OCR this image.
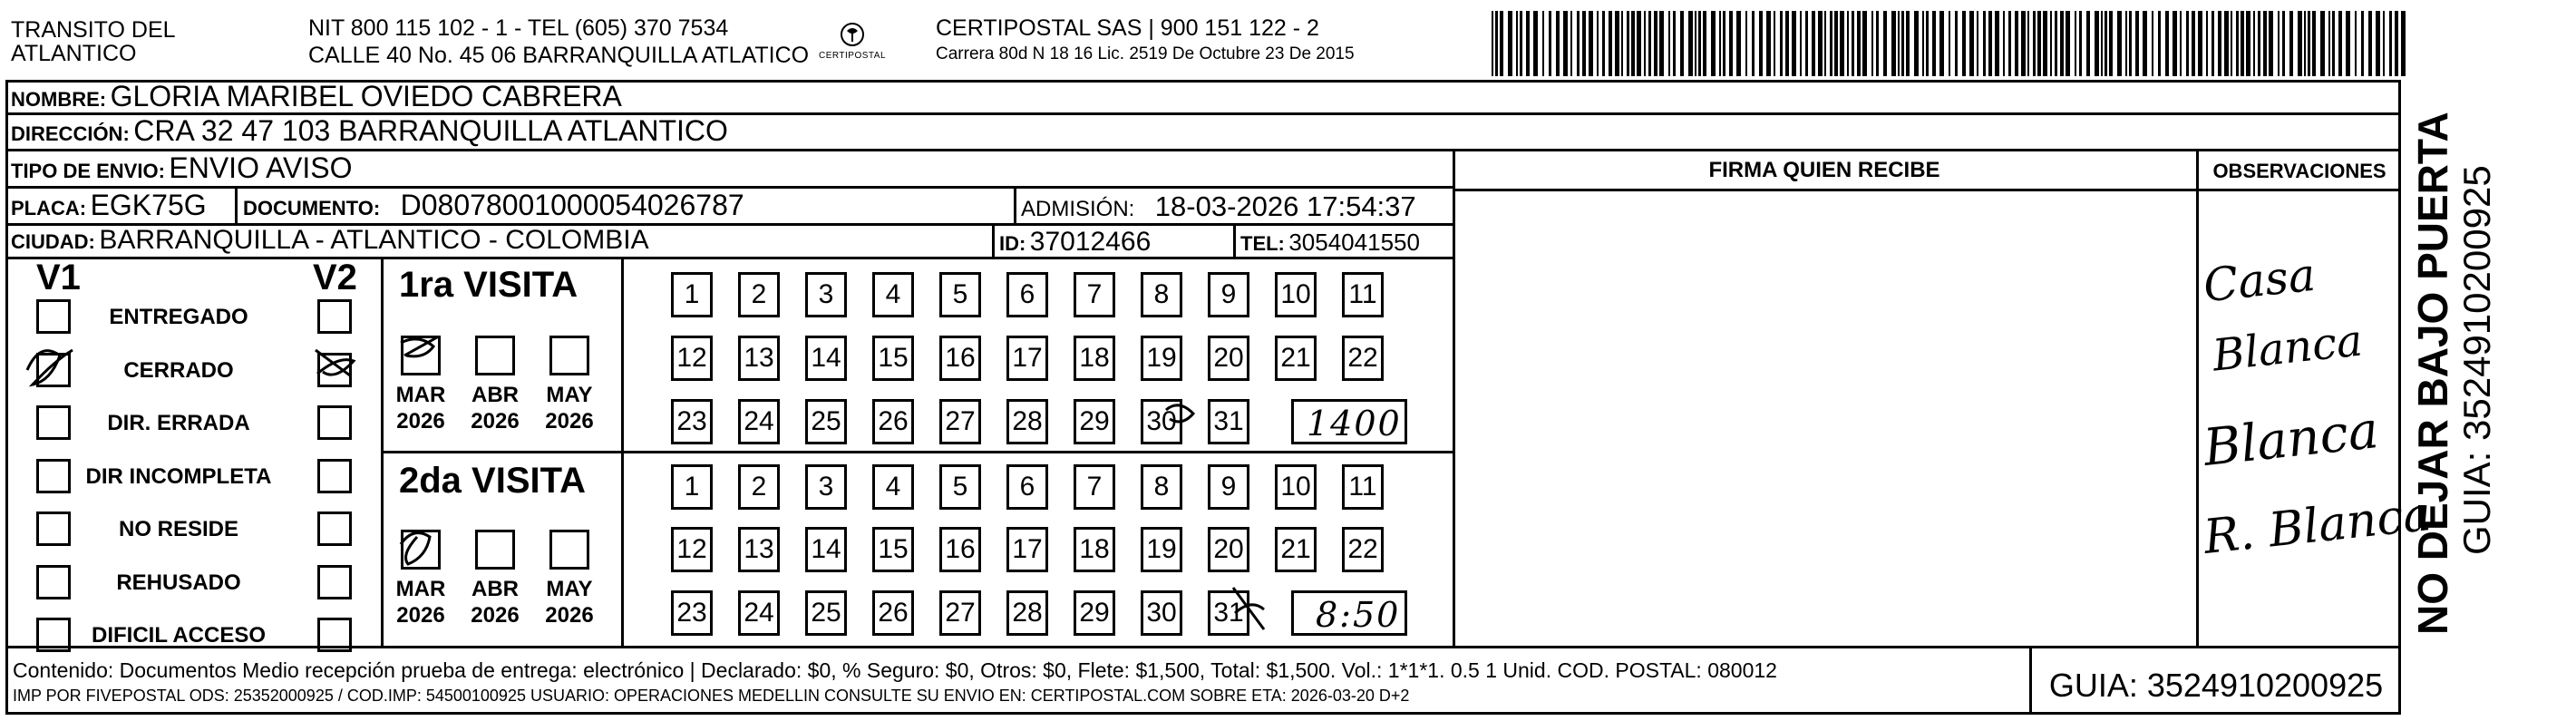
TRANSITO DEL
ATLANTICO
NIT 800 115 102 - 1 - TEL (605) 370 7534
CALLE 40 No. 45 06 BARRANQUILLA ATLATICO	CERTIPOSTAL
CERTIPOSTAL SAS | 900 151 122 - 2
Carrera 80d N 18 16 Lic. 2519 De Octubre 23 De 2015
NOMBRE: GLORIA MARIBEL OVIEDO CABRERA
DIRECCIÓN: CRA 32 47 103 BARRANQUILLA ATLANTICO
TIPO DE ENVIO: ENVIO AVISO
PLACA: EGK75G DOCUMENTO: D08078001000054026787	ADMISIÓN: 18-03-2026 17:54:37
CIUDAD: BARRANQUILLA - ATLANTICO - COLOMBIA	ID: 37012466	TEL: 3054041550
FIRMA QUIEN RECIBE	OBSERVACIONES
V1	V2
ENTREGADO
CERRADO
DIR. ERRADA
DIR INCOMPLETA
NO RESIDE
REHUSADO
DIFICIL ACCESO
1ra VISITA
2da VISITA
MAR
2026
ABR
2026
MAY
2026
MAR
2026
ABR
2026
MAY
2026
1	2	3	4	5	6	7	8	9	10 11
12 13 14 15 16 17 18 19 20 21 22
23 24 25 26 27 28 29 30 31
1	2	3	4	5	6	7	8	9	10 11
12 13 14 15 16 17 18 19 20 21 22
23 24 25 26 27 28 29 30 31
1400
8:50
Casa
Blanca
Blanca
R. Blanca
NO DEJAR BAJO PUERTA GUIA: 3524910200925
Contenido: Documentos Medio recepción prueba de entrega: electrónico | Declarado: $0, % Seguro: $0, Otros: $0, Flete: $1,500, Total: $1,500. Vol.: 1*1*1. 0.5 1 Unid. COD. POSTAL: 080012
IMP POR FIVEPOSTAL ODS: 25352000925 / COD.IMP: 54500100925 USUARIO: OPERACIONES MEDELLIN CONSULTE SU ENVIO EN: CERTIPOSTAL.COM SOBRE ETA: 2026-03-20 D+2	GUIA: 3524910200925
